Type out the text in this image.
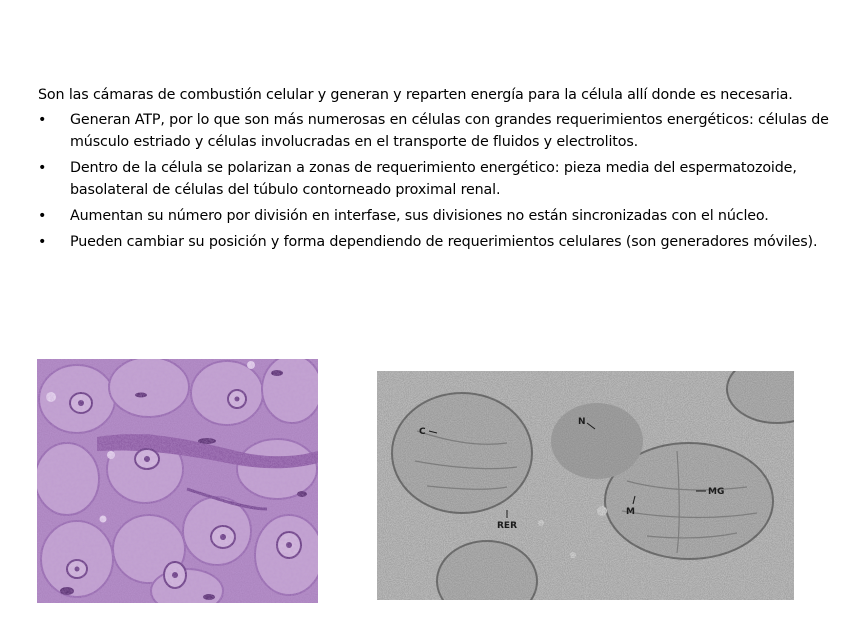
Son las cámaras de combustión celular y generan y reparten energía para la célula allí donde es necesaria.

• Generan ATP, por lo que son más numerosas en células con grandes requerimientos energéticos: células de músculo estriado y células involucradas en el transporte de fluidos y electrolitos.
• Dentro de la célula se polarizan a zonas de requerimiento energético: pieza media del espermatozoide, basolateral de células del túbulo contorneado proximal renal.
• Aumentan su número por división en interfase, sus divisiones no están sincronizadas con el núcleo.
• Pueden cambiar su posición y forma dependiendo de requerimientos celulares (son generadores móviles).
C
N
MG
M
RER
